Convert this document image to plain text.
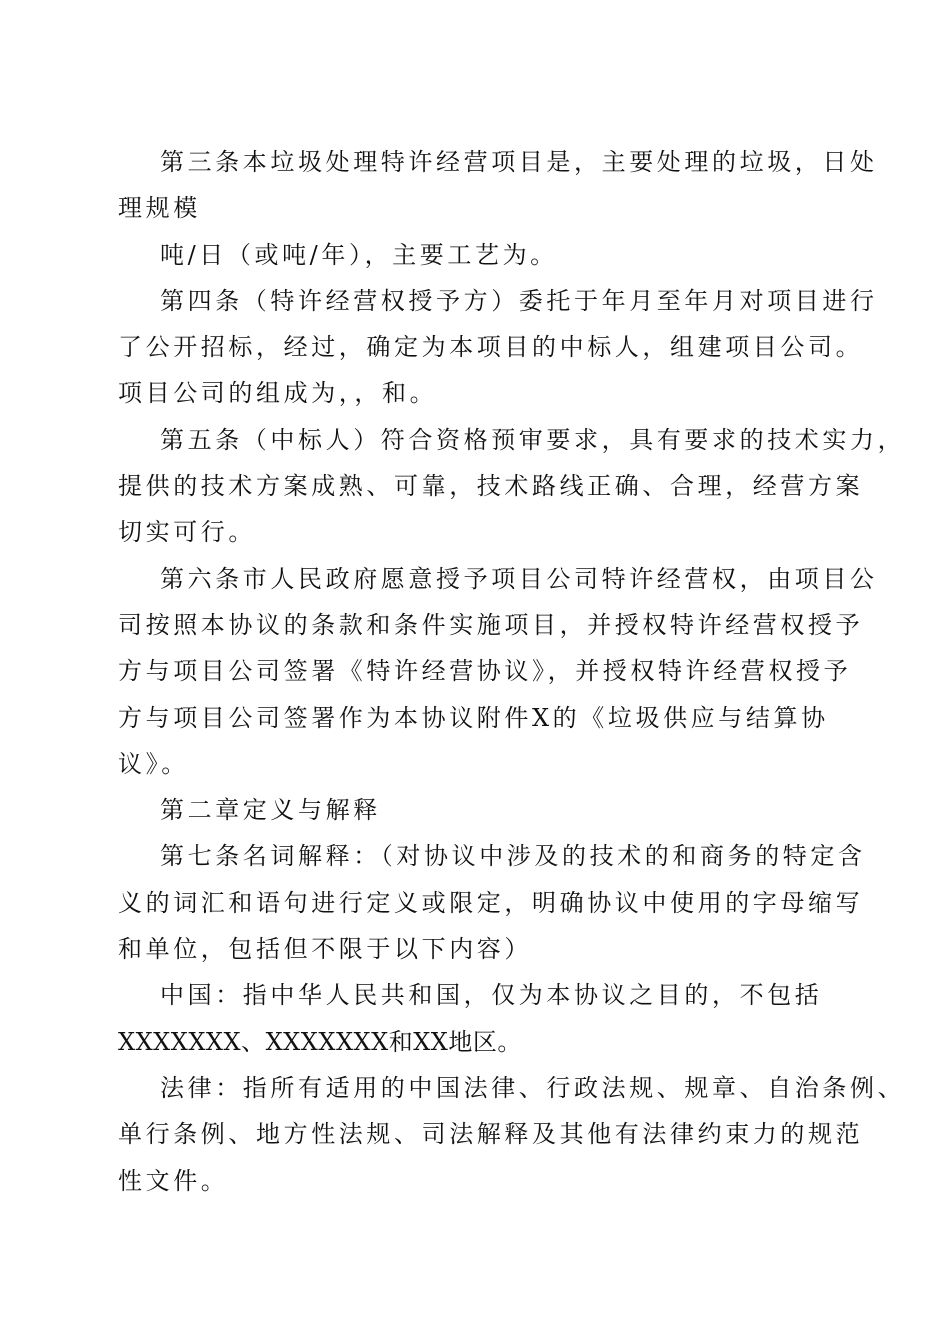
第三条本垃圾处理特许经营项目是，主要处理的垃圾，日处
理规模
吨/日（或吨/年），主要工艺为。
第四条（特许经营权授予方）委托于年月至年月对项目进行
了公开招标，经过，确定为本项目的中标人，组建项目公司。
项目公司的组成为，，和。
第五条（中标人）符合资格预审要求，具有要求的技术实力，
提供的技术方案成熟、可靠，技术路线正确、合理，经营方案
切实可行。
第六条市人民政府愿意授予项目公司特许经营权，由项目公
司按照本协议的条款和条件实施项目，并授权特许经营权授予
方与项目公司签署《特许经营协议》，并授权特许经营权授予
方与项目公司签署作为本协议附件X的《垃圾供应与结算协
议》。
第二章定义与解释
第七条名词解释：（对协议中涉及的技术的和商务的特定含
义的词汇和语句进行定义或限定，明确协议中使用的字母缩写
和单位，包括但不限于以下内容）
中国：指中华人民共和国，仅为本协议之目的，不包括
XXXXXXX、XXXXXXX和XX地区。
法律：指所有适用的中国法律、行政法规、规章、自治条例、
单行条例、地方性法规、司法解释及其他有法律约束力的规范
性文件。
